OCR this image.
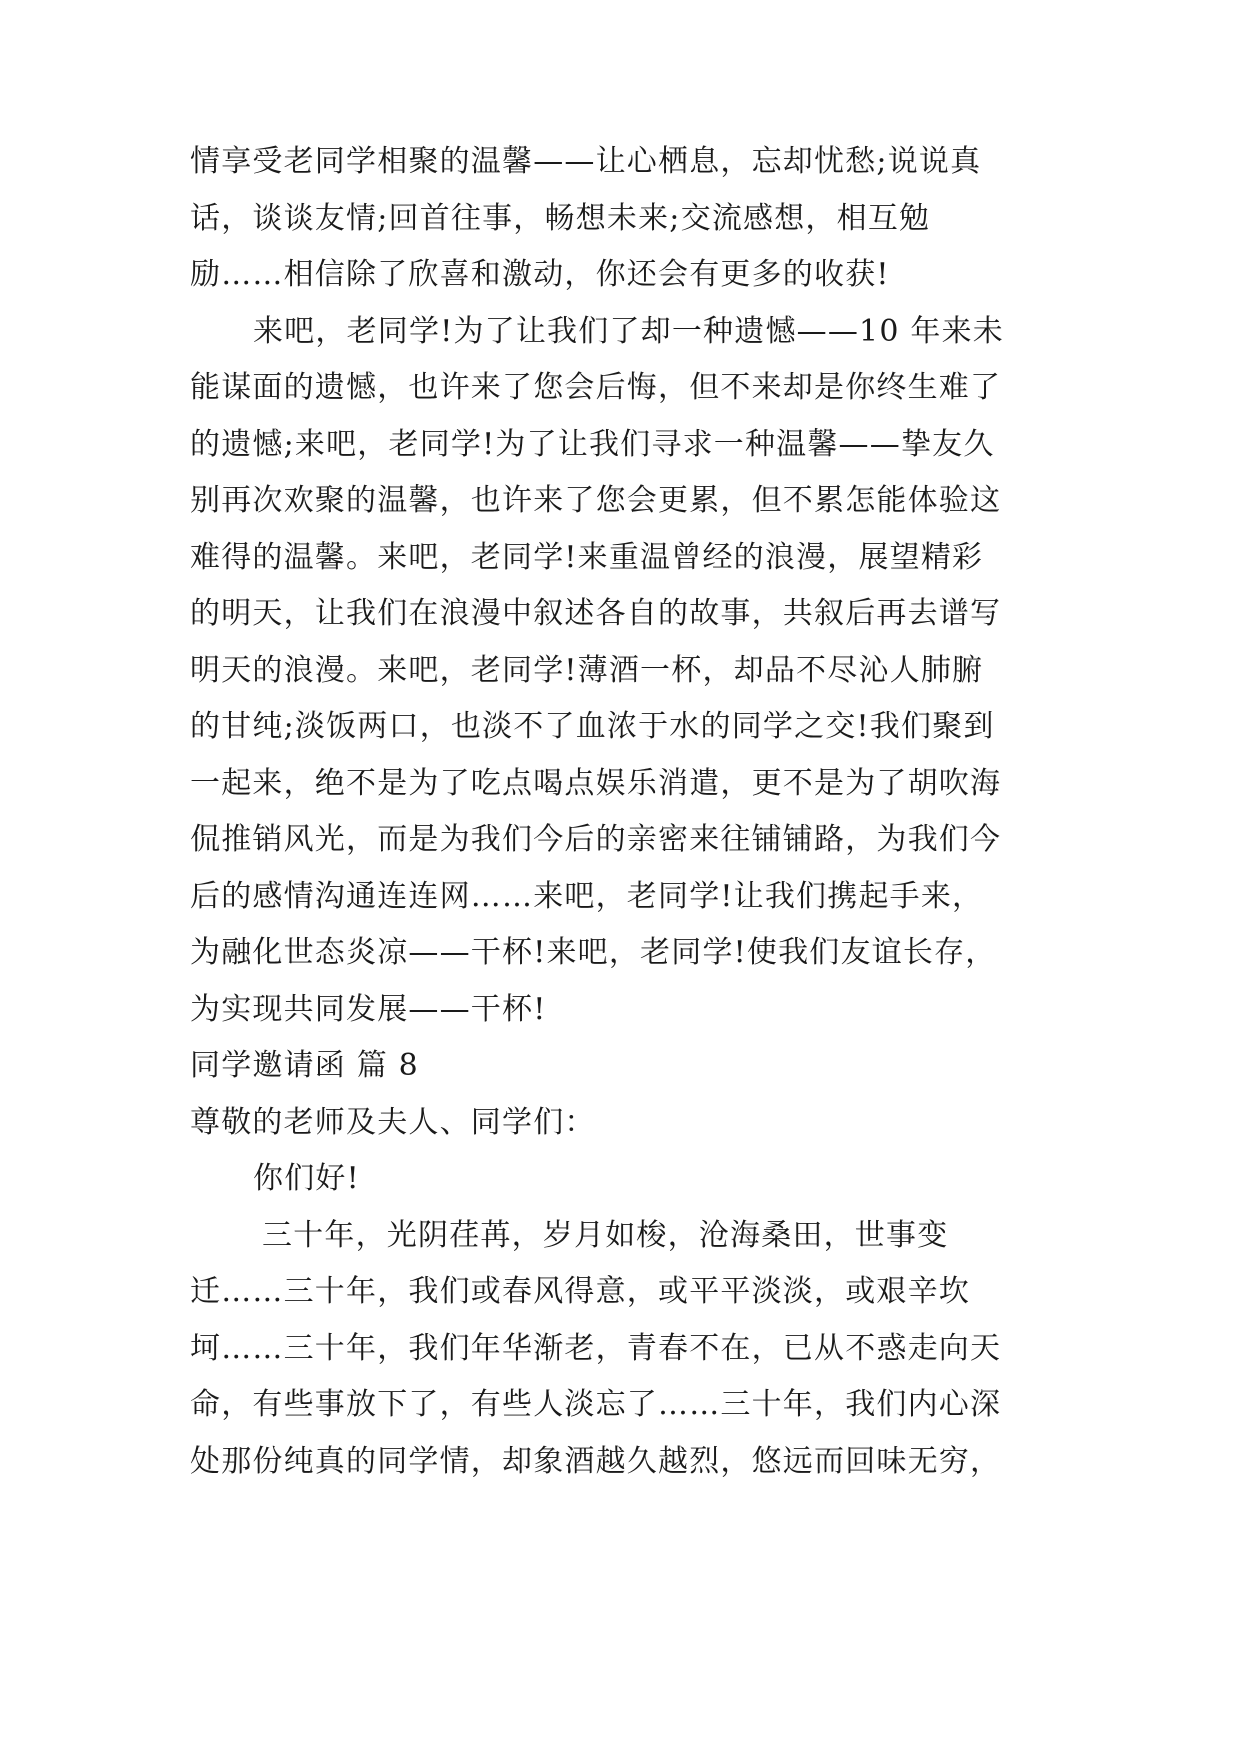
情享受老同学相聚的温馨——让心栖息，忘却忧愁;说说真
话，谈谈友情;回首往事，畅想未来;交流感想，相互勉
励……相信除了欣喜和激动，你还会有更多的收获!
来吧，老同学!为了让我们了却一种遗憾——10 年来未
能谋面的遗憾，也许来了您会后悔，但不来却是你终生难了
的遗憾;来吧，老同学!为了让我们寻求一种温馨——挚友久
别再次欢聚的温馨，也许来了您会更累，但不累怎能体验这
难得的温馨。来吧，老同学!来重温曾经的浪漫，展望精彩
的明天，让我们在浪漫中叙述各自的故事，共叙后再去谱写
明天的浪漫。来吧，老同学!薄酒一杯，却品不尽沁人肺腑
的甘纯;淡饭两口，也淡不了血浓于水的同学之交!我们聚到
一起来，绝不是为了吃点喝点娱乐消遣，更不是为了胡吹海
侃推销风光，而是为我们今后的亲密来往铺铺路，为我们今
后的感情沟通连连网……来吧，老同学!让我们携起手来，
为融化世态炎凉——干杯!来吧，老同学!使我们友谊长存，
为实现共同发展——干杯!
同学邀请函 篇 8
尊敬的老师及夫人、同学们：
你们好!
三十年，光阴荏苒，岁月如梭，沧海桑田，世事变
迁……三十年，我们或春风得意，或平平淡淡，或艰辛坎
坷……三十年，我们年华渐老，青春不在，已从不惑走向天
命，有些事放下了，有些人淡忘了……三十年，我们内心深
处那份纯真的同学情，却象酒越久越烈，悠远而回味无穷，
